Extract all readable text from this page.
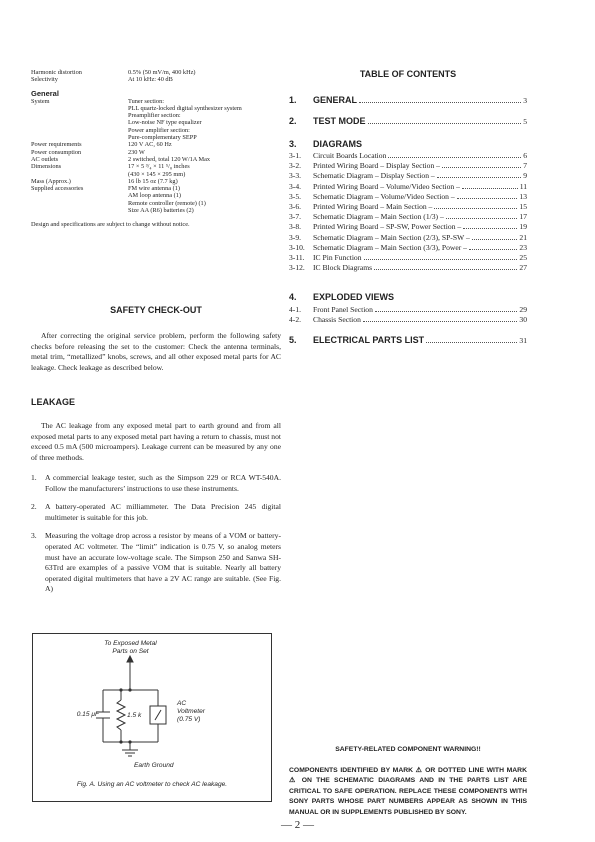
Harmonic distortion	0.5% (50 mV/m, 400 kHz)
Selectivity	At 10 kHz: 40 dB
General
System	Tuner section:
PLL quartz-locked digital synthesizer system
Preamplifier section:
Low-noise NF type equalizer
Power amplifier section:
Pure-complementary SEPP
Power requirements	120 V AC, 60 Hz
Power consumption	230 W
AC outlets	2 switched, total 120 W/1A Max
Dimensions	17 × 5 ³/₄ × 11 ⁵/₈ inches
(430 × 145 × 295 mm)
Mass (Approx.)	16 lb 15 oz (7.7 kg)
Supplied accessories	FM wire antenna (1)
AM loop antenna (1)
Remote controller (remote) (1)
Size AA (R6) batteries (2)
Design and specifications are subject to change without notice.
SAFETY CHECK-OUT
After correcting the original service problem, perform the following safety checks before releasing the set to the customer: Check the antenna terminals, metal trim, “metallized” knobs, screws, and all other exposed metal parts for AC leakage. Check leakage as described below.
LEAKAGE
The AC leakage from any exposed metal part to earth ground and from all exposed metal parts to any exposed metal part having a return to chassis, must not exceed 0.5 mA (500 microampers). Leakage current can be measured by any one of three methods.
1.	A commercial leakage tester, such as the Simpson 229 or RCA WT-540A. Follow the manufacturers’ instructions to use these instruments.
2.	A battery-operated AC milliammeter. The Data Precision 245 digital multimeter is suitable for this job.
3.	Measuring the voltage drop across a resistor by means of a VOM or battery-operated AC voltmeter. The “limit” indication is 0.75 V, so analog meters must have an accurate low-voltage scale. The Simpson 250 and Sanwa SH-63Trd are examples of a passive VOM that is suitable. Nearly all battery operated digital multimeters that have a 2V AC range are suitable. (See Fig. A)
To Exposed Metal
Parts on Set
0.15 μF	1.5 k
AC
Voltmeter
(0.75 V)
Earth Ground
Fig. A. Using an AC voltmeter to check AC leakage.
TABLE OF CONTENTS
1.	GENERAL	3
2.	TEST MODE	5
3.	DIAGRAMS
3-1.	Circuit Boards Location	6
3-2.	Printed Wiring Board – Display Section –	7
3-3.	Schematic Diagram – Display Section –	9
3-4.	Printed Wiring Board – Volume/Video Section –	11
3-5.	Schematic Diagram – Volume/Video Section –	13
3-6.	Printed Wiring Board – Main Section –	15
3-7.	Schematic Diagram – Main Section (1/3) –	17
3-8.	Printed Wiring Board – SP-SW, Power Section –	19
3-9.	Schematic Diagram – Main Section (2/3), SP-SW –	21
3-10.	Schematic Diagram – Main Section (3/3), Power –	23
3-11.	IC Pin Function	25
3-12.	IC Block Diagrams	27
4.	EXPLODED VIEWS
4-1.	Front Panel Section	29
4-2.	Chassis Section	30
5.	ELECTRICAL PARTS LIST	31
SAFETY-RELATED COMPONENT WARNING!!
COMPONENTS IDENTIFIED BY MARK ⚠ OR DOTTED LINE WITH MARK ⚠ ON THE SCHEMATIC DIAGRAMS AND IN THE PARTS LIST ARE CRITICAL TO SAFE OPERATION. REPLACE THESE COMPONENTS WITH SONY PARTS WHOSE PART NUMBERS APPEAR AS SHOWN IN THIS MANUAL OR IN SUPPLEMENTS PUBLISHED BY SONY.
— 2 —
